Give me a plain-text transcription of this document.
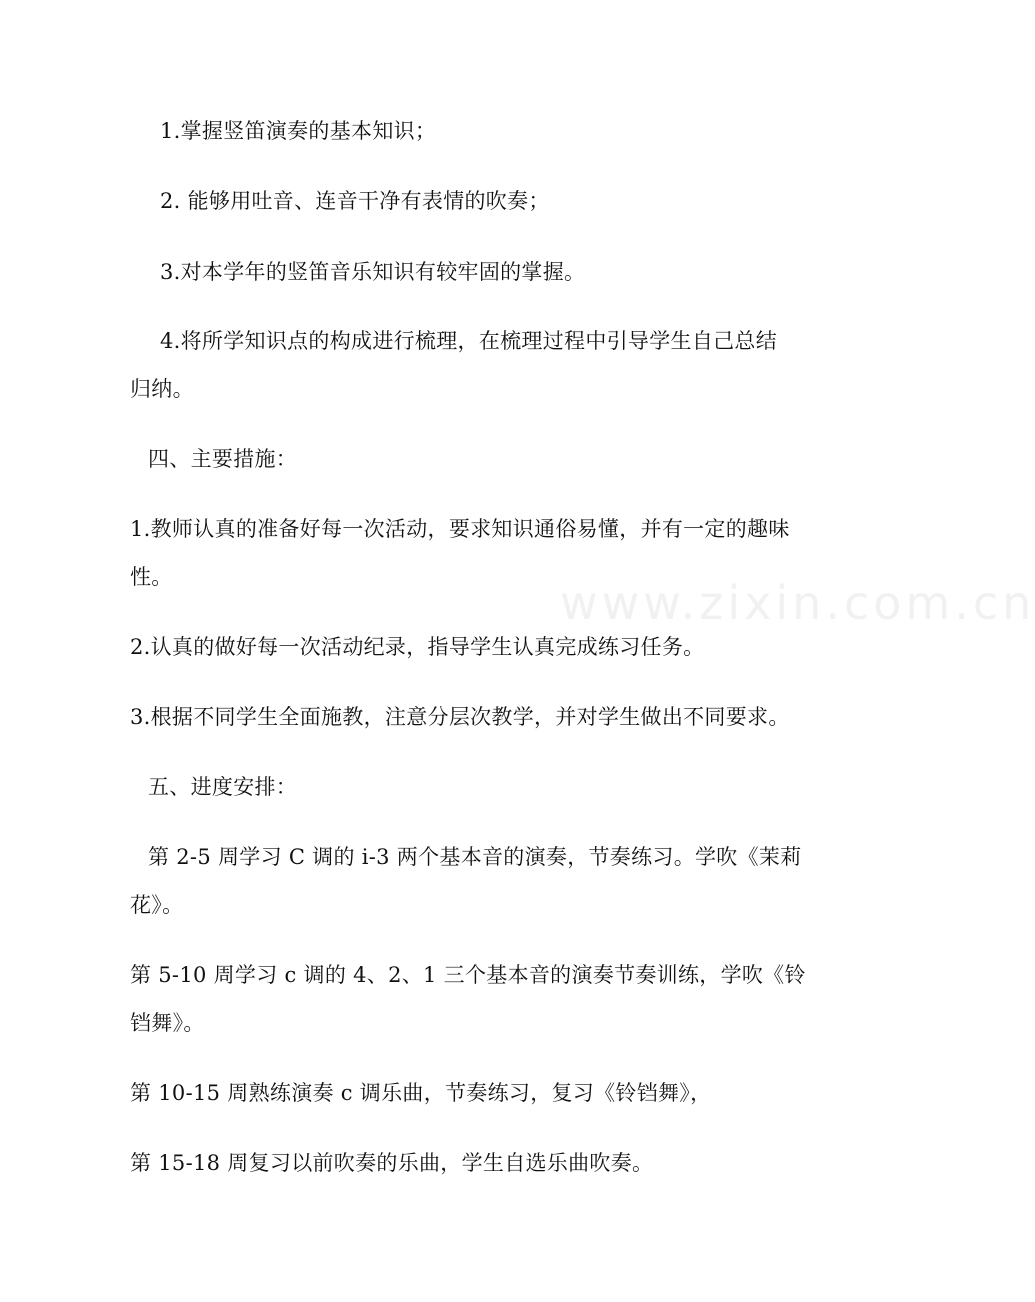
www.zixin.com.cn
1.掌握竖笛演奏的基本知识；
2. 能够用吐音、连音干净有表情的吹奏；
3.对本学年的竖笛音乐知识有较牢固的掌握。
4.将所学知识点的构成进行梳理，在梳理过程中引导学生自己总结
归纳。
四、主要措施：
1.教师认真的准备好每一次活动，要求知识通俗易懂，并有一定的趣味
性。
2.认真的做好每一次活动纪录，指导学生认真完成练习任务。
3.根据不同学生全面施教，注意分层次教学，并对学生做出不同要求。
五、进度安排：
第 2-5 周学习 C 调的 i-3 两个基本音的演奏，节奏练习。学吹《茉莉
花》。
第 5-10 周学习 c 调的 4、2、1 三个基本音的演奏节奏训练，学吹《铃
铛舞》。
第 10-15 周熟练演奏 c 调乐曲，节奏练习，复习《铃铛舞》，
第 15-18 周复习以前吹奏的乐曲，学生自选乐曲吹奏。
